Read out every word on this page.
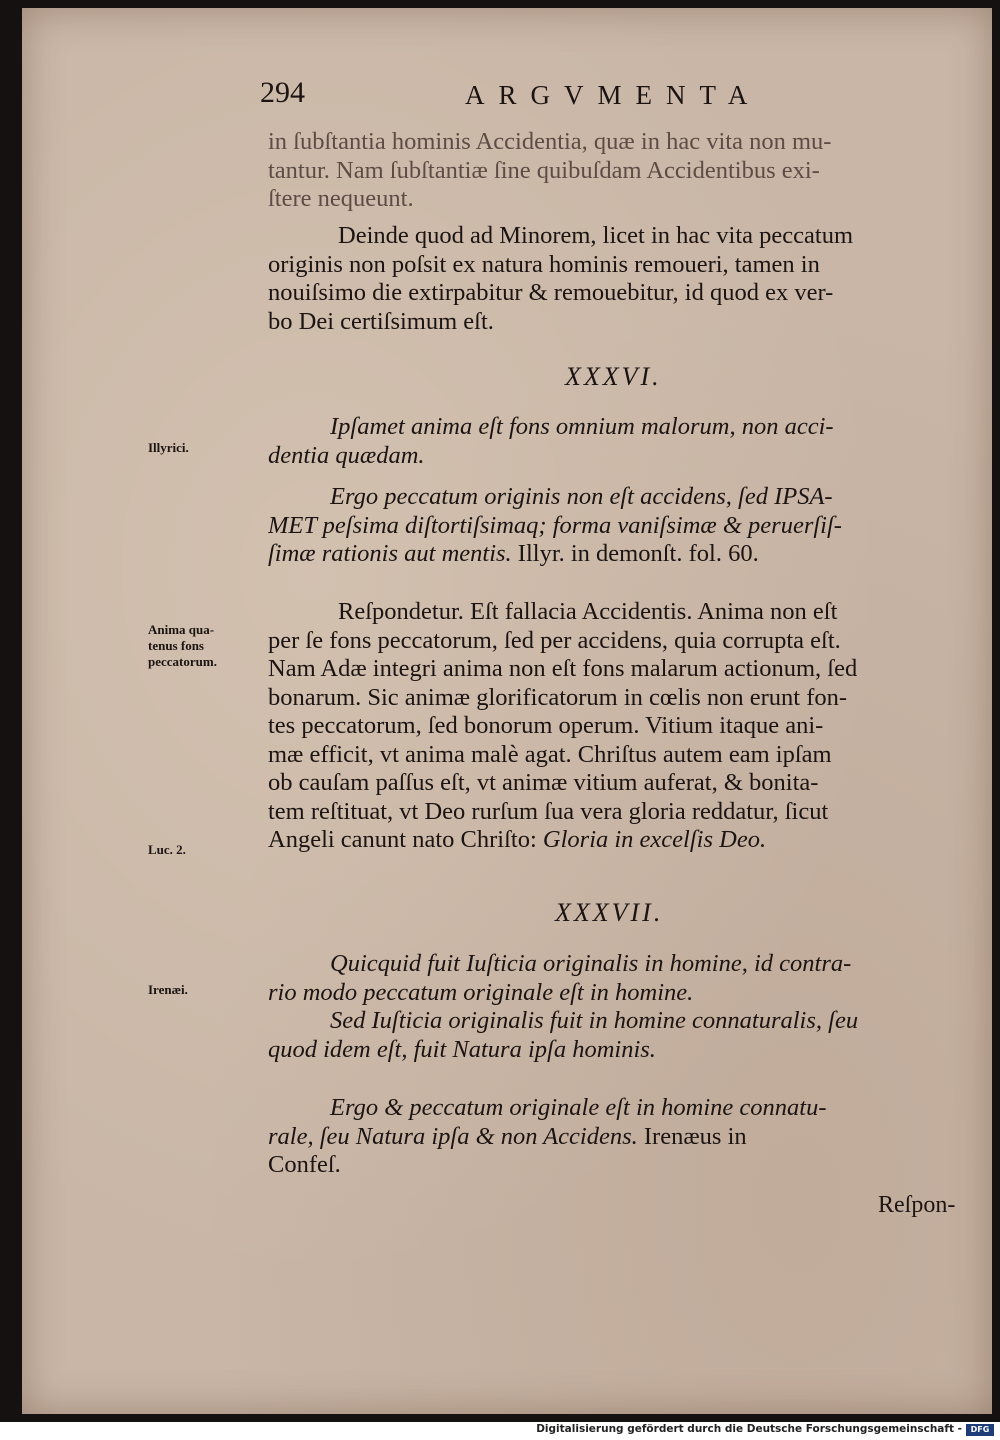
294	ARGVMENTA
in ſubſtantia hominis Accidentia, quæ in hac vita non mu-
tantur. Nam ſubſtantiæ ſine quibuſdam Accidentibus exi-
ſtere nequeunt.
Deinde quod ad Minorem, licet in hac vita peccatum
originis non poſsit ex natura hominis remoueri, tamen in
nouiſsimo die extirpabitur & remouebitur, id quod ex ver-
bo Dei certiſsimum eſt.
XXXVI.
Ipſamet anima eſt fons omnium malorum, non acci-
dentia quædam.
Ergo peccatum originis non eſt accidens, ſed IPSA-
MET peſsima diſtortiſsimaq; forma vaniſsimæ & peruerſiſ-
ſimæ rationis aut mentis. Illyr. in demonſt. fol. 60.
Reſpondetur. Eſt fallacia Accidentis. Anima non eſt
per ſe fons peccatorum, ſed per accidens, quia corrupta eſt.
Nam Adæ integri anima non eſt fons malarum actionum, ſed
bonarum. Sic animæ glorificatorum in cœlis non erunt fon-
tes peccatorum, ſed bonorum operum. Vitium itaque ani-
mæ efficit, vt anima malè agat. Chriſtus autem eam ipſam
ob cauſam paſſus eſt, vt animæ vitium auferat, & bonita-
tem reſtituat, vt Deo rurſum ſua vera gloria reddatur, ſicut
Angeli canunt nato Chriſto: Gloria in excelſis Deo.
XXXVII.
Quicquid fuit Iuſticia originalis in homine, id contra-
rio modo peccatum originale eſt in homine.
Sed Iuſticia originalis fuit in homine connaturalis, ſeu
quod idem eſt, fuit Natura ipſa hominis.
Ergo & peccatum originale eſt in homine connatu-
rale, ſeu Natura ipſa & non Accidens. Irenæus in
Confeſ.
Illyrici.
Anima qua-
tenus fons
peccatorum.
Luc. 2.
Irenæi.
Reſpon-
Digitalisierung gefördert durch die Deutsche Forschungsgemeinschaft -	DFG
